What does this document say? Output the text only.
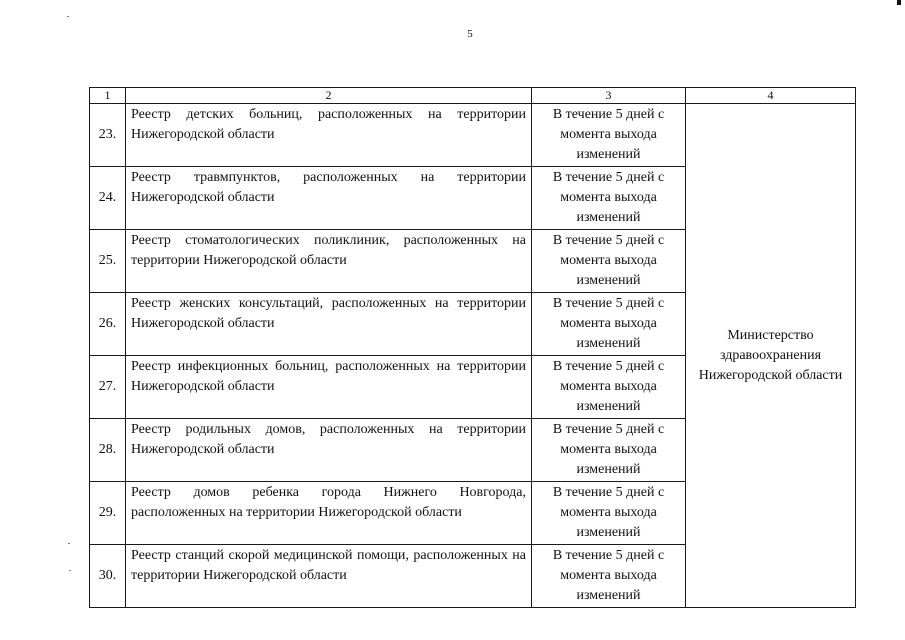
5
1	2	3	4
23.	Реестр детских больниц, расположенных на территории Нижегородской области	В течение 5 дней с момента выхода изменений	Министерство здравоохранения Нижегородской области
24.	Реестр травмпунктов, расположенных на территории Нижегородской области	В течение 5 дней с момента выхода изменений	
25.	Реестр стоматологических поликлиник, расположенных на территории Нижегородской области	В течение 5 дней с момента выхода изменений	
26.	Реестр женских консультаций, расположенных на территории Нижегородской области	В течение 5 дней с момента выхода изменений	
27.	Реестр инфекционных больниц, расположенных на территории Нижегородской области	В течение 5 дней с момента выхода изменений	
28.	Реестр родильных домов, расположенных на территории Нижегородской области	В течение 5 дней с момента выхода изменений	
29.	Реестр домов ребенка города Нижнего Новгорода, расположенных на территории Нижегородской области	В течение 5 дней с момента выхода изменений	
30.	Реестр станций скорой медицинской помощи, расположенных на территории Нижегородской области	В течение 5 дней с момента выхода изменений	
